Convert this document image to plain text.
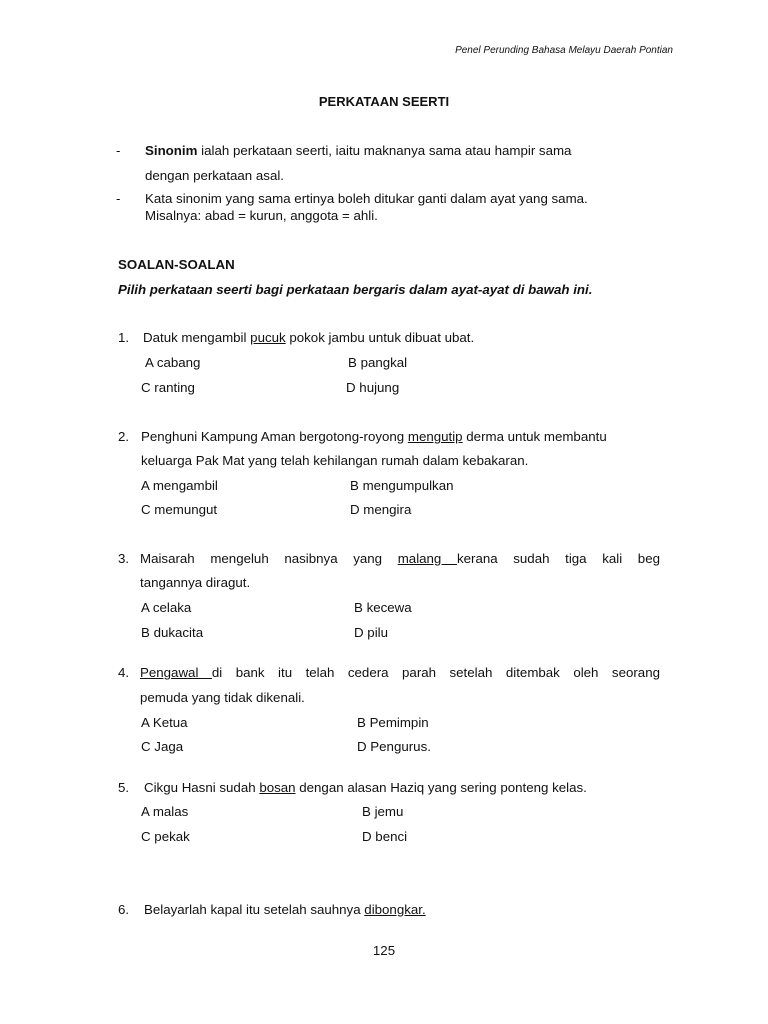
Penel Perunding Bahasa Melayu Daerah Pontian
PERKATAAN SEERTI
- Sinonim ialah perkataan seerti, iaitu maknanya sama atau hampir sama
dengan perkataan asal.
- Kata sinonim yang sama ertinya boleh ditukar ganti dalam ayat yang sama.
Misalnya: abad = kurun, anggota = ahli.
SOALAN-SOALAN
Pilih perkataan seerti bagi perkataan bergaris dalam ayat-ayat di bawah ini.
1. Datuk mengambil pucuk pokok jambu untuk dibuat ubat.
A cabang	B pangkal
C ranting	D hujung
2. Penghuni Kampung Aman bergotong-royong mengutip derma untuk membantu
keluarga Pak Mat yang telah kehilangan rumah dalam kebakaran.
A mengambil	B mengumpulkan
C memungut	D mengira
3. Maisarah mengeluh nasibnya yang malang kerana sudah tiga kali beg
tangannya diragut.
A celaka	B kecewa
B dukacita	D pilu
4. Pengawal di bank itu telah cedera parah setelah ditembak oleh seorang
pemuda yang tidak dikenali.
A Ketua	B Pemimpin
C Jaga	D Pengurus.
5. Cikgu Hasni sudah bosan dengan alasan Haziq yang sering ponteng kelas.
A malas	B jemu
C pekak	D benci
6. Belayarlah kapal itu setelah sauhnya dibongkar.
125
